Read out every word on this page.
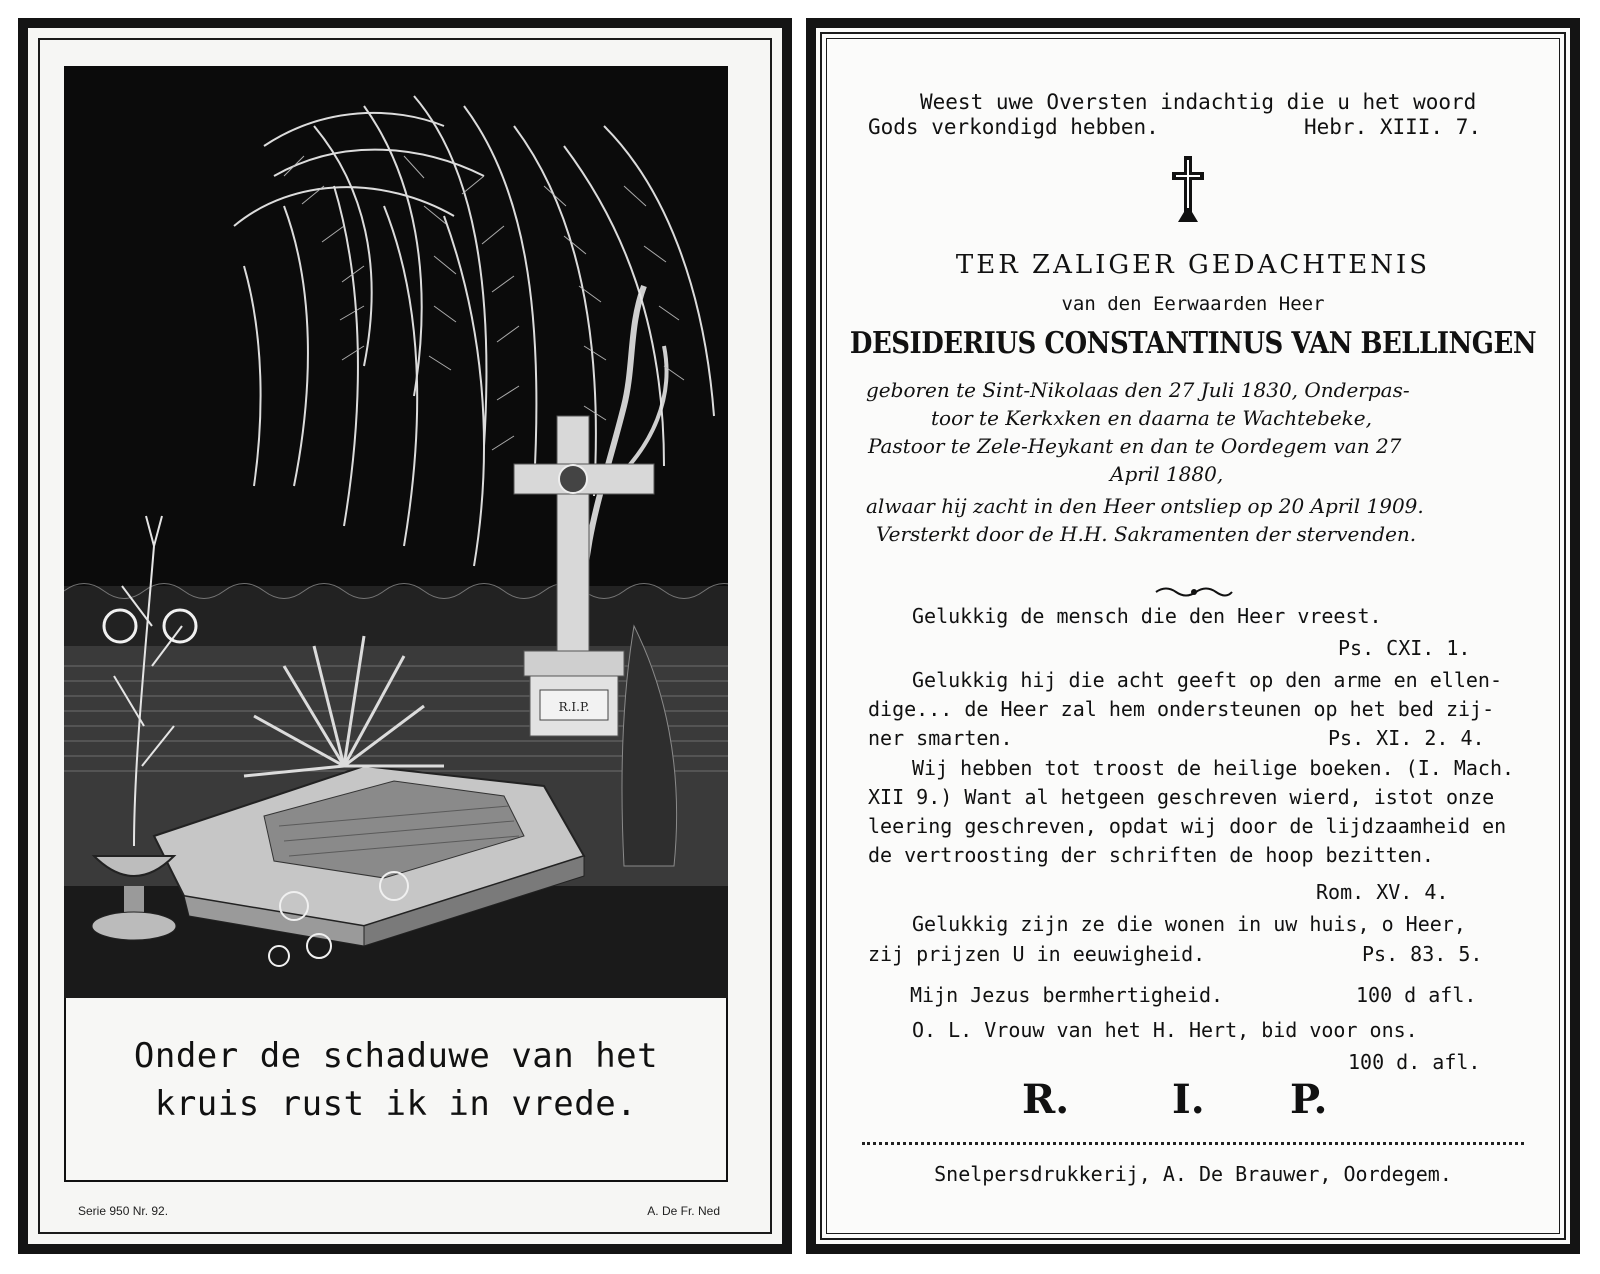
R.I.P.
Onder de schaduwe van het
kruis rust ik in vrede.
Serie 950 Nr. 92.	A. De Fr. Ned
Weest uwe Oversten indachtig die u het woord
Gods verkondigd hebben.	Hebr. XIII. 7.
TER ZALIGER GEDACHTENIS
van den Eerwaarden Heer
DESIDERIUS CONSTANTINUS VAN BELLINGEN
geboren te Sint-Nikolaas den 27 Juli 1830, Onderpas-
toor te Kerkxken en daarna te Wachtebeke,
Pastoor te Zele-Heykant en dan te Oordegem van 27
April 1880,
alwaar hij zacht in den Heer ontsliep op 20 April 1909.
Versterkt door de H.H. Sakramenten der stervenden.
Gelukkig de mensch die den Heer vreest.
Ps. CXI. 1.
Gelukkig hij die acht geeft op den arme en ellen-
dige... de Heer zal hem ondersteunen op het bed zij-
ner smarten.	Ps. XI. 2. 4.
Wij hebben tot troost de heilige boeken. (I. Mach.
XII 9.) Want al hetgeen geschreven wierd, istot onze
leering geschreven, opdat wij door de lijdzaamheid en
de vertroosting der schriften de hoop bezitten.
Rom. XV. 4.
Gelukkig zijn ze die wonen in uw huis, o Heer,
zij prijzen U in eeuwigheid.	Ps. 83. 5.
Mijn Jezus bermhertigheid.	100 d afl.
O. L. Vrouw van het H. Hert, bid voor ons.
100 d. afl.
R.	I. P.
Snelpersdrukkerij, A. De Brauwer, Oordegem.
